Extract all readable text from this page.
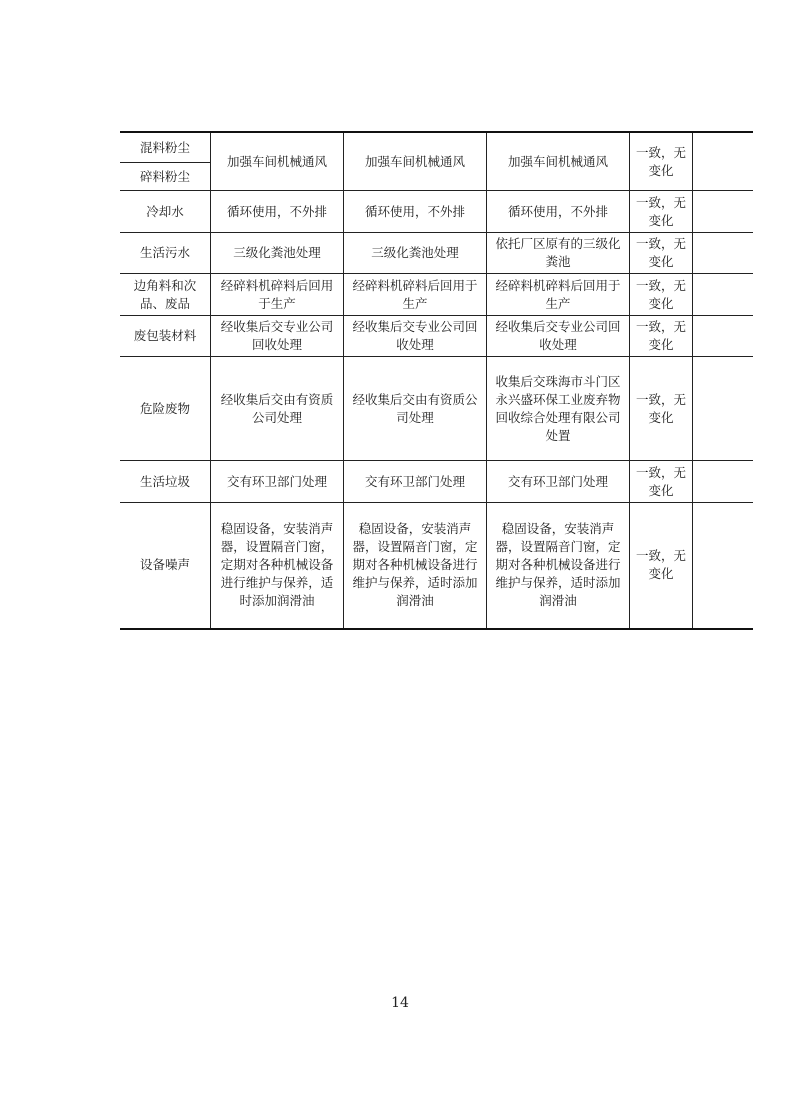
混料粉尘
碎料粉尘	加强车间机械通风	加强车间机械通风	加强车间机械通风	一致，无变化	
冷却水	循环使用，不外排	循环使用，不外排	循环使用，不外排	一致，无变化	
生活污水	三级化粪池处理	三级化粪池处理	依托厂区原有的三级化粪池	一致，无变化	
边角料和次品、废品	经碎料机碎料后回用于生产	经碎料机碎料后回用于生产	经碎料机碎料后回用于生产	一致，无变化	
废包装材料	经收集后交专业公司回收处理	经收集后交专业公司回收处理	经收集后交专业公司回收处理	一致，无变化	
危险废物	经收集后交由有资质公司处理	经收集后交由有资质公司处理	收集后交珠海市斗门区永兴盛环保工业废弃物回收综合处理有限公司处置	一致，无变化	
生活垃圾	交有环卫部门处理	交有环卫部门处理	交有环卫部门处理	一致，无变化	
设备噪声	稳固设备，安装消声器，设置隔音门窗，定期对各种机械设备进行维护与保养，适时添加润滑油	稳固设备，安装消声器，设置隔音门窗，定期对各种机械设备进行维护与保养，适时添加润滑油	稳固设备，安装消声器，设置隔音门窗，定期对各种机械设备进行维护与保养，适时添加润滑油	一致，无变化	
14
